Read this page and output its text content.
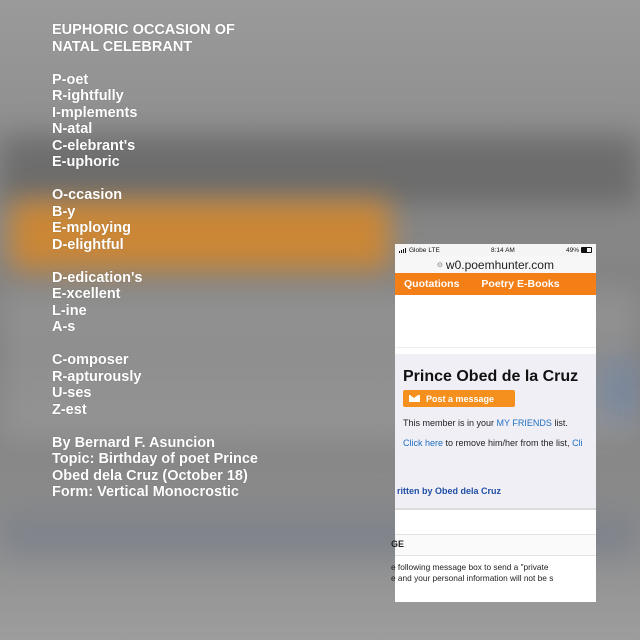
EUPHORIC OCCASION OF
NATAL CELEBRANT
P-oet
R-ightfully
I-mplements
N-atal
C-elebrant's
E-uphoric
O-ccasion
B-y
E-mploying
D-elightful
D-edication's
E-xcellent
L-ine
A-s
C-omposer
R-apturously
U-ses
Z-est
By Bernard F. Asuncion
Topic: Birthday of poet Prince
Obed dela Cruz (October 18)
Form: Vertical Monocrostic
Globe LTE	8:14 AM	49%
⊙ w0.poemhunter.com
Quotations Poetry E-Books
Prince Obed de la Cruz
Post a message
This member is in your MY FRIENDS list.
Click here to remove him/her from the list, Cli
ritten by Obed dela Cruz
GE
e following message box to send a "private
e and your personal information will not be s
